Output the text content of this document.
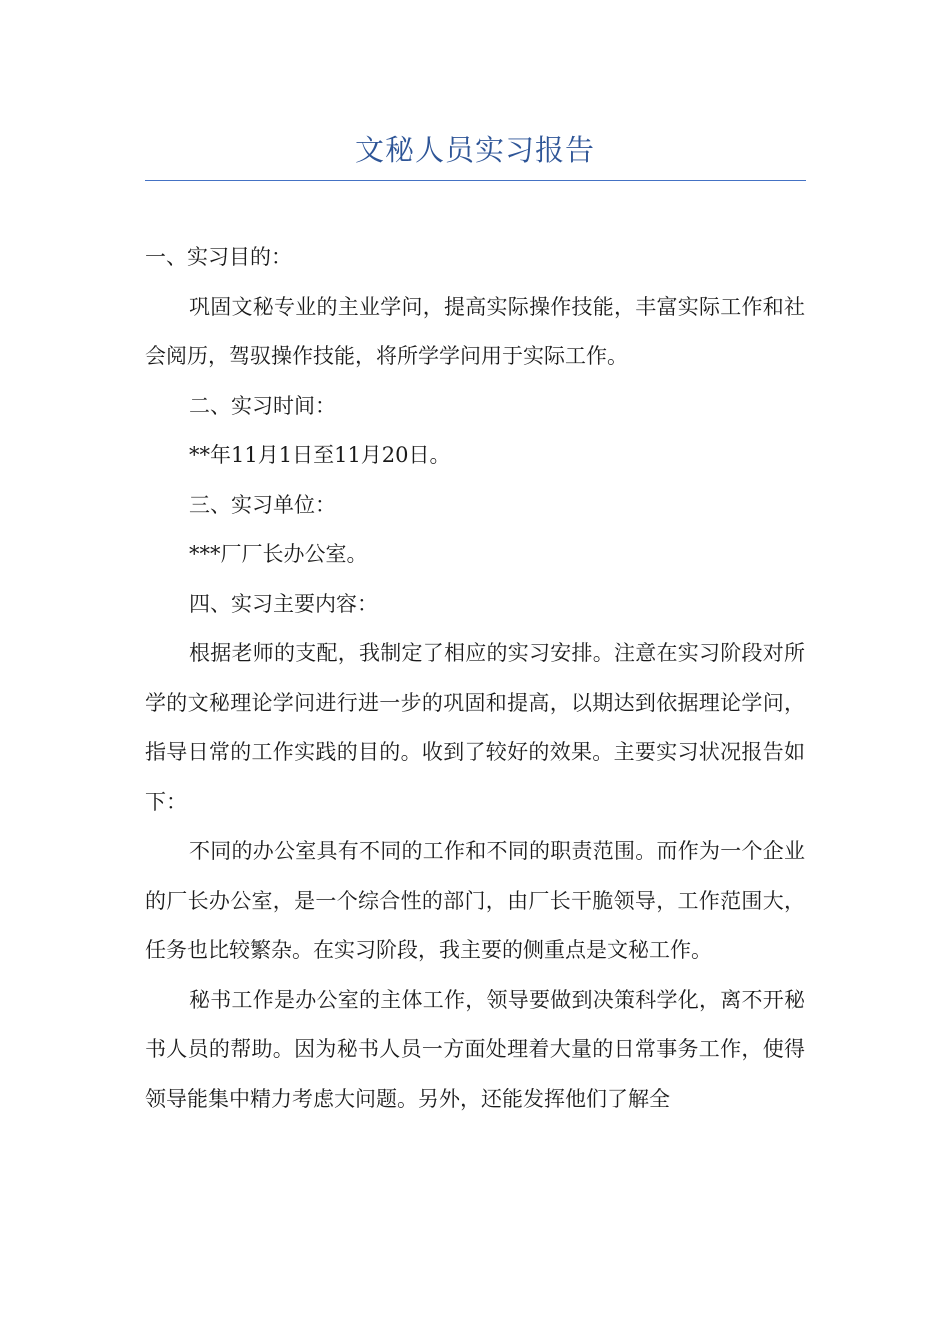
文秘人员实习报告

一、实习目的：

巩固文秘专业的主业学问，提高实际操作技能，丰富实际工作和社会阅历，驾驭操作技能，将所学学问用于实际工作。

二、实习时间：

**年11月1日至11月20日。

三、实习单位：

***厂厂长办公室。

四、实习主要内容：

根据老师的支配，我制定了相应的实习安排。注意在实习阶段对所学的文秘理论学问进行进一步的巩固和提高，以期达到依据理论学问，指导日常的工作实践的目的。收到了较好的效果。主要实习状况报告如下：

不同的办公室具有不同的工作和不同的职责范围。而作为一个企业的厂长办公室，是一个综合性的部门，由厂长干脆领导，工作范围大，任务也比较繁杂。在实习阶段，我主要的侧重点是文秘工作。

秘书工作是办公室的主体工作，领导要做到决策科学化，离不开秘书人员的帮助。因为秘书人员一方面处理着大量的日常事务工作，使得领导能集中精力考虑大问题。另外，还能发挥他们了解全
